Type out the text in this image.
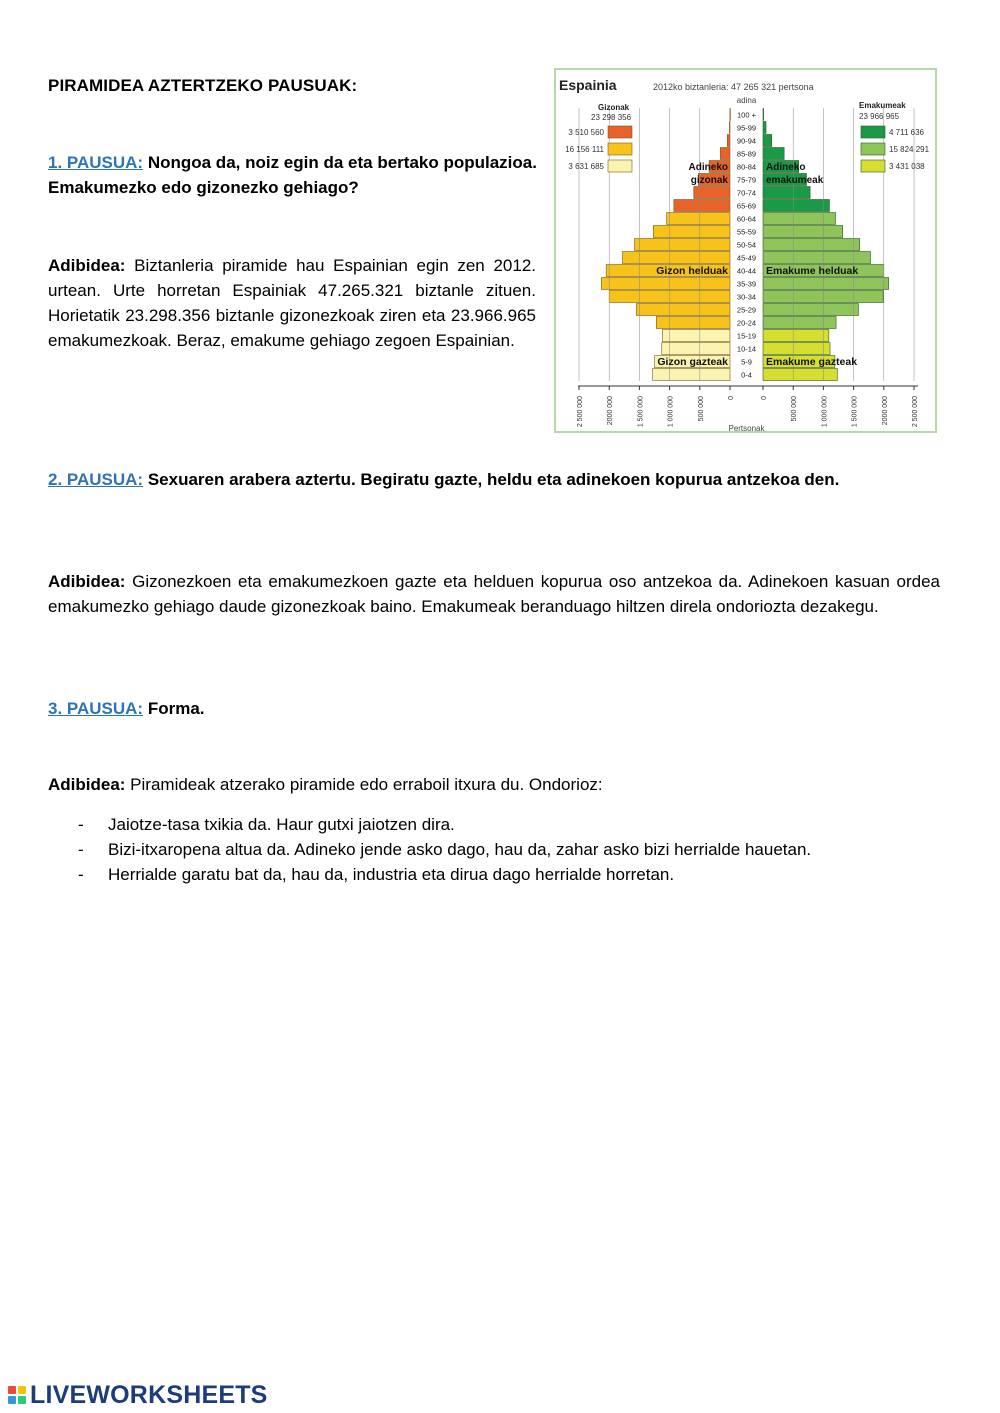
PIRAMIDEA AZTERTZEKO PAUSUAK:
1. PAUSUA: Nongoa da, noiz egin da eta bertako populazioa. Emakumezko edo gizonezko gehiago?
Adibidea: Biztanleria piramide hau Espainian egin zen 2012. urtean. Urte horretan Espainiak 47.265.321 biztanle zituen. Horietatik 23.298.356 biztanle gizonezkoak ziren eta 23.966.965 emakumezkoak. Beraz, emakume gehiago zegoen Espainian.
Espainia	2012ko biztanleria: 47 265 321 pertsona
adina
100 +
95-99
90-94
85-89
80-84
75-79
70-74
65-69
60-64
55-59
50-54
45-49
40-44
35-39
30-34
25-29
20-24
15-19
10-14
5-9
0-4
2 500 000	2 500 000
2000 000	2000 000
1 500 000	1 500 000
1 000 000	1 000 000
500 000	500 000
0	0
Pertsonak
Gizonak
23 298 356
3 510 560
16 156 111
3 631 685
Emakumeak
23 966 965
4 711 636
15 824 291
3 431 038
Adineko
gizonak
Adineko
emakumeak
Gizon helduak	Emakume helduak
Gizon gazteak	Emakume gazteak
2. PAUSUA: Sexuaren arabera aztertu. Begiratu gazte, heldu eta adinekoen kopurua antzekoa den.
Adibidea: Gizonezkoen eta emakumezkoen gazte eta helduen kopurua oso antzekoa da. Adinekoen kasuan ordea emakumezko gehiago daude gizonezkoak baino. Emakumeak beranduago hiltzen direla ondoriozta dezakegu.
3. PAUSUA: Forma.
Adibidea: Piramideak atzerako piramide edo erraboil itxura du. Ondorioz:
- Jaiotze-tasa txikia da. Haur gutxi jaiotzen dira.
- Bizi-itxaropena altua da. Adineko jende asko dago, hau da, zahar asko bizi herrialde hauetan.
- Herrialde garatu bat da, hau da, industria eta dirua dago herrialde horretan.
LIVEWORKSHEETS
